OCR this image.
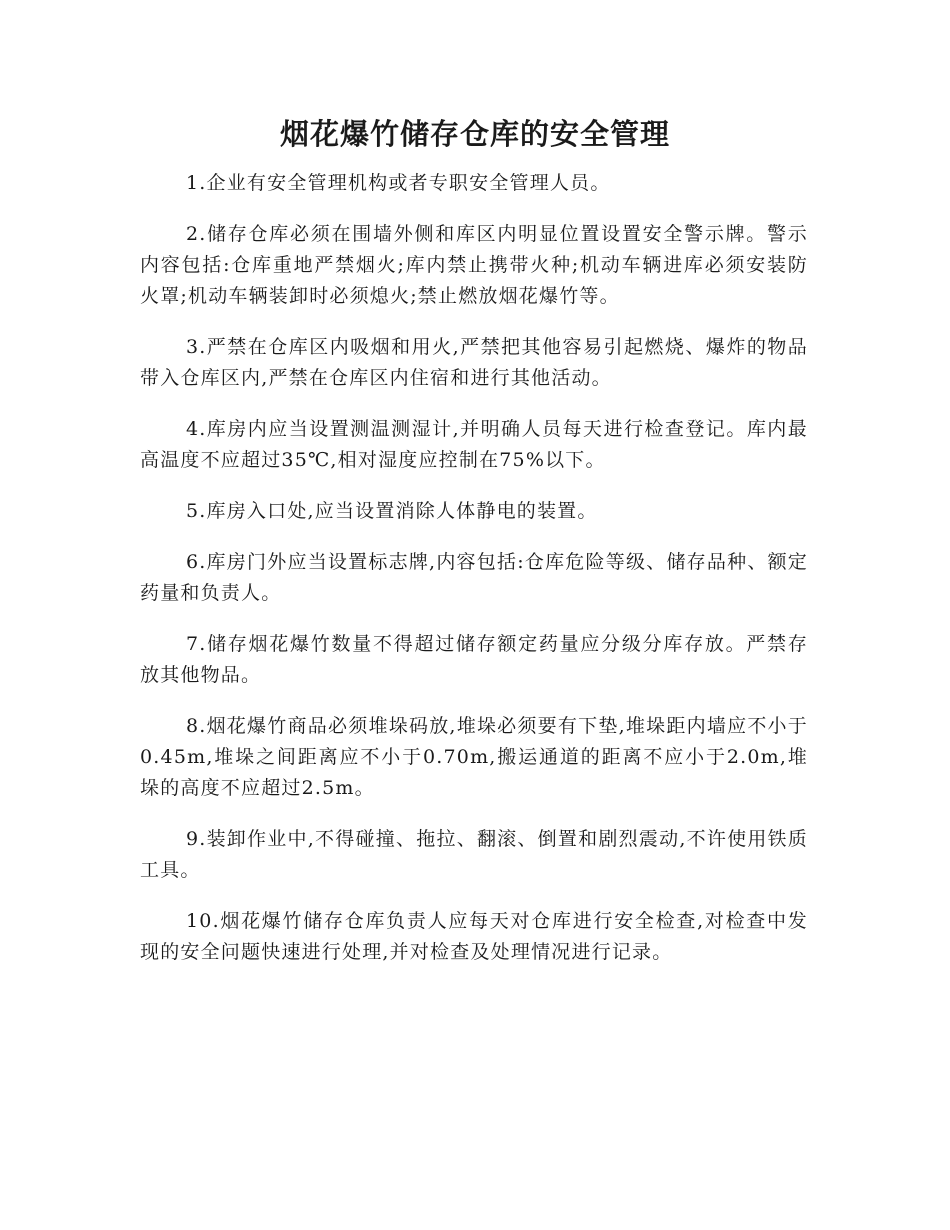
烟花爆竹储存仓库的安全管理

1.企业有安全管理机构或者专职安全管理人员。

2.储存仓库必须在围墙外侧和库区内明显位置设置安全警示牌。警示内容包括:仓库重地严禁烟火;库内禁止携带火种;机动车辆进库必须安装防火罩;机动车辆装卸时必须熄火;禁止燃放烟花爆竹等。

3.严禁在仓库区内吸烟和用火,严禁把其他容易引起燃烧、爆炸的物品带入仓库区内,严禁在仓库区内住宿和进行其他活动。

4.库房内应当设置测温测湿计,并明确人员每天进行检查登记。库内最高温度不应超过35℃,相对湿度应控制在75%以下。

5.库房入口处,应当设置消除人体静电的装置。

6.库房门外应当设置标志牌,内容包括:仓库危险等级、储存品种、额定药量和负责人。

7.储存烟花爆竹数量不得超过储存额定药量应分级分库存放。严禁存放其他物品。

8.烟花爆竹商品必须堆垛码放,堆垛必须要有下垫,堆垛距内墙应不小于0.45m,堆垛之间距离应不小于0.70m,搬运通道的距离不应小于2.0m,堆垛的高度不应超过2.5m。

9.装卸作业中,不得碰撞、拖拉、翻滚、倒置和剧烈震动,不许使用铁质工具。

10.烟花爆竹储存仓库负责人应每天对仓库进行安全检查,对检查中发现的安全问题快速进行处理,并对检查及处理情况进行记录。
